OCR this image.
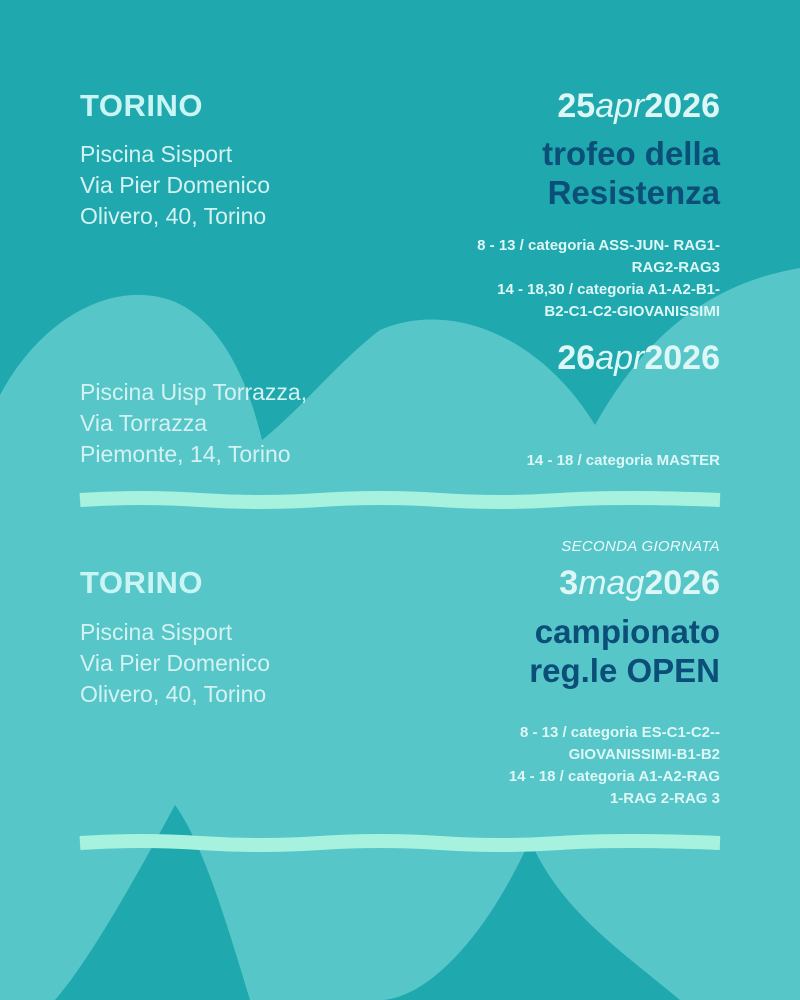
TORINO
Piscina Sisport
Via Pier Domenico
Olivero, 40, Torino
25apr2026
trofeo della
Resistenza
8 - 13 / categoria ASS-JUN- RAG1-
RAG2-RAG3
14 - 18,30 / categoria A1-A2-B1-
B2-C1-C2-GIOVANISSIMI
26apr2026
Piscina Uisp Torrazza,
Via Torrazza
Piemonte, 14, Torino	14 - 18 / categoria MASTER
SECONDA GIORNATA
TORINO
Piscina Sisport
Via Pier Domenico
Olivero, 40, Torino
3mag2026
campionato
reg.le OPEN
8 - 13 / categoria ES-C1-C2--
GIOVANISSIMI-B1-B2
14 - 18 / categoria A1-A2-RAG
1-RAG 2-RAG 3
